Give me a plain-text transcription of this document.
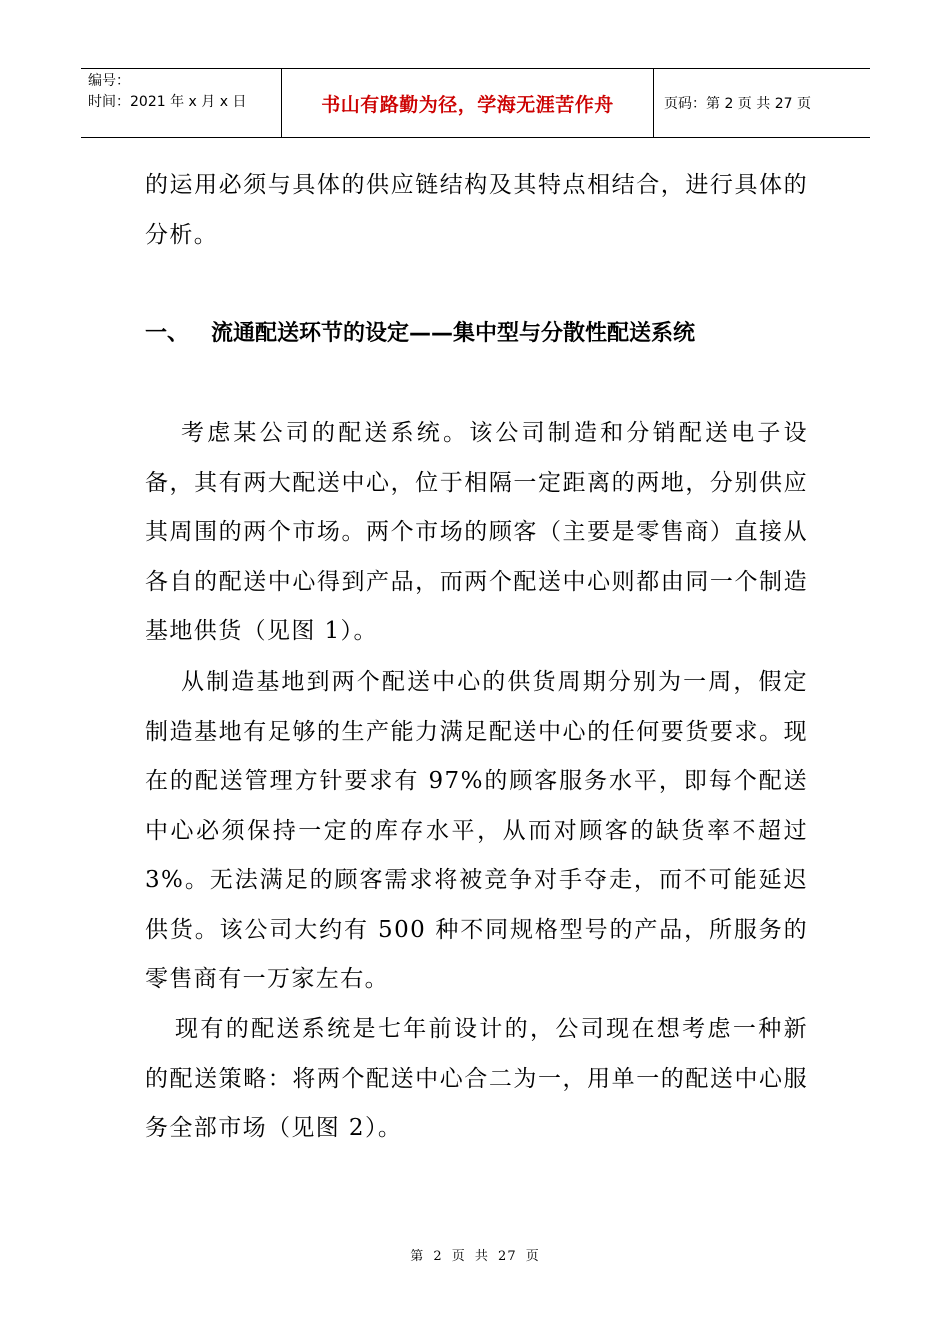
编号：
时间：2021 年 x 月 x 日	书山有路勤为径，学海无涯苦作舟	页码：第 2 页 共 27 页

的运用必须与具体的供应链结构及其特点相结合，进行具体的分析。

一、 流通配送环节的设定——集中型与分散性配送系统

考虑某公司的配送系统。该公司制造和分销配送电子设备，其有两大配送中心，位于相隔一定距离的两地，分别供应其周围的两个市场。两个市场的顾客（主要是零售商）直接从各自的配送中心得到产品，而两个配送中心则都由同一个制造基地供货（见图 1）。

从制造基地到两个配送中心的供货周期分别为一周，假定制造基地有足够的生产能力满足配送中心的任何要货要求。现在的配送管理方针要求有 97%的顾客服务水平，即每个配送中心必须保持一定的库存水平，从而对顾客的缺货率不超过 3%。无法满足的顾客需求将被竞争对手夺走，而不可能延迟供货。该公司大约有 500 种不同规格型号的产品，所服务的零售商有一万家左右。

现有的配送系统是七年前设计的，公司现在想考虑一种新的配送策略：将两个配送中心合二为一，用单一的配送中心服务全部市场（见图 2）。

第 2 页 共 27 页
